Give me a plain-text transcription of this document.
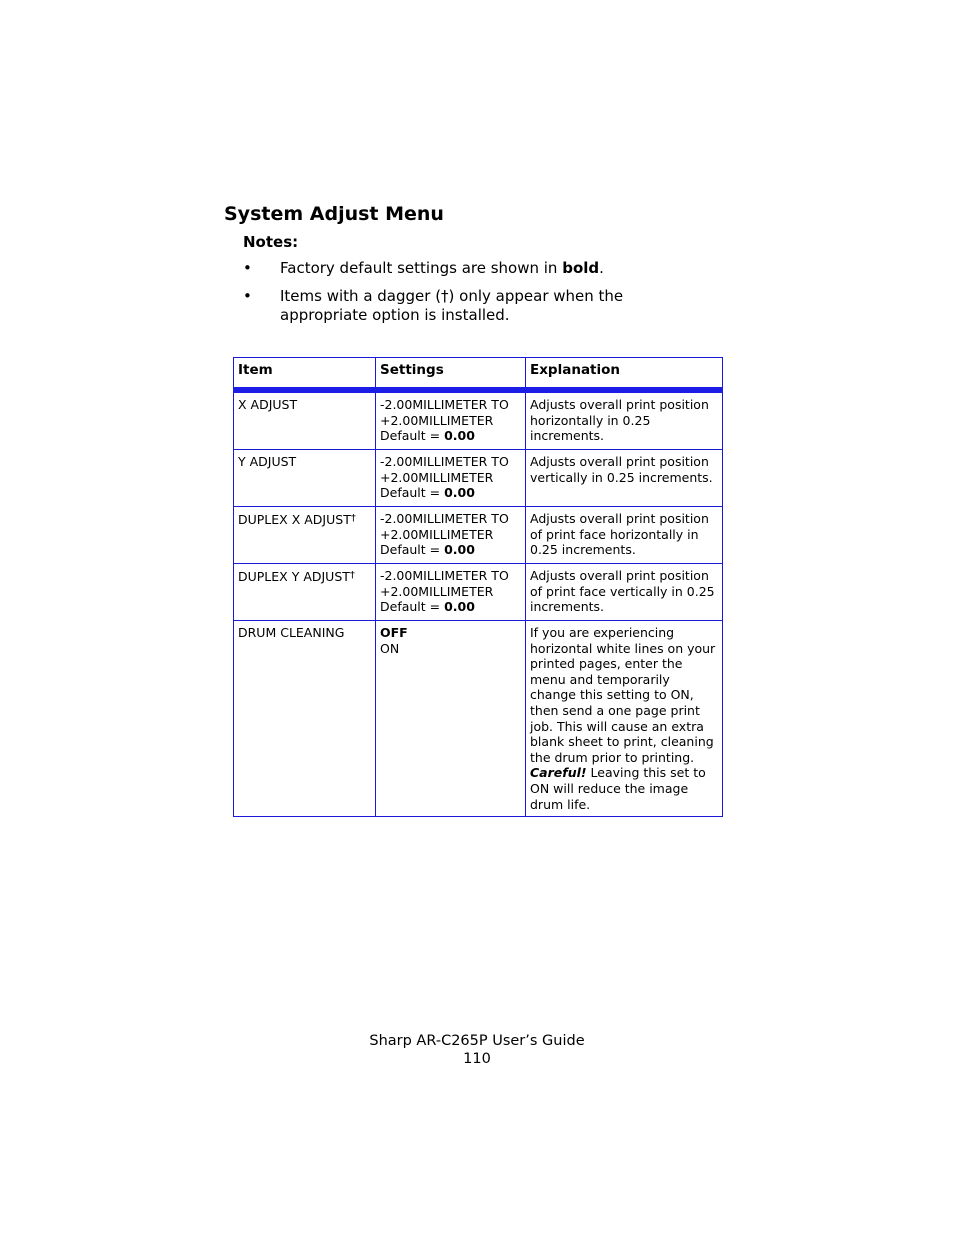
System Adjust Menu
Notes:
• Factory default settings are shown in bold.
• Items with a dagger (†) only appear when the appropriate option is installed.
Item	Settings	Explanation
X ADJUST	-2.00MILLIMETER TO
+2.00MILLIMETER
Default = 0.00	Adjusts overall print position horizontally in 0.25 increments.

Y ADJUST	-2.00MILLIMETER TO
+2.00MILLIMETER
Default = 0.00	Adjusts overall print position vertically in 0.25 increments.

DUPLEX X ADJUST†	-2.00MILLIMETER TO
+2.00MILLIMETER
Default = 0.00	Adjusts overall print position of print face horizontally in 0.25 increments.

DUPLEX Y ADJUST†	-2.00MILLIMETER TO
+2.00MILLIMETER
Default = 0.00	Adjusts overall print position of print face vertically in 0.25 increments.

DRUM CLEANING	OFF
ON	If you are experiencing horizontal white lines on your printed pages, enter the menu and temporarily change this setting to ON, then send a one page print job. This will cause an extra blank sheet to print, cleaning the drum prior to printing. Careful! Leaving this set to ON will reduce the image drum life.
Sharp AR-C265P User’s Guide
110
